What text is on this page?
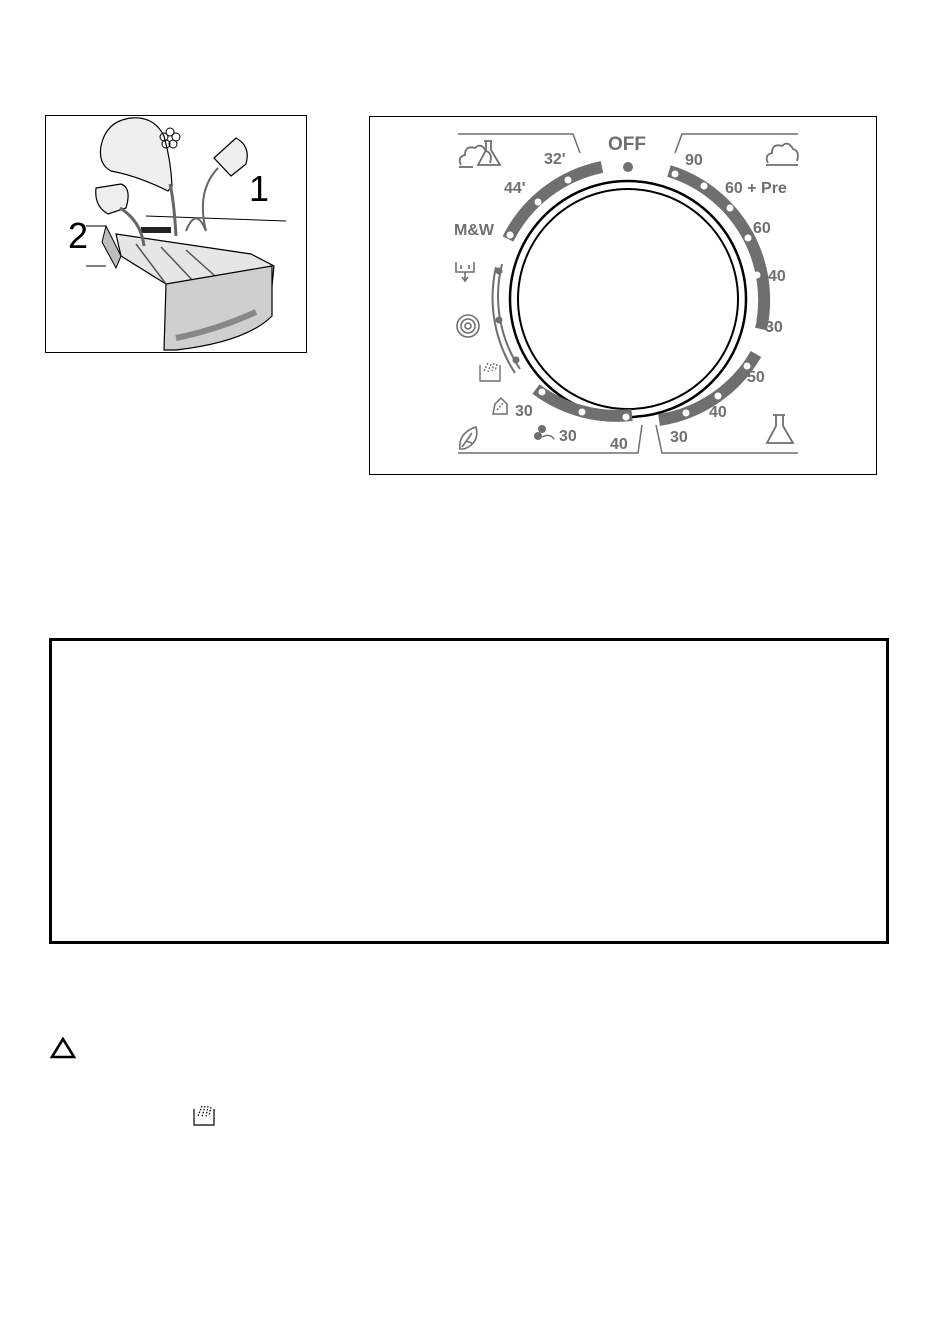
1
2
OFF
32'
44'
M&W
90
60 + Pre
60
40
30
30
30 40
50
40
30
